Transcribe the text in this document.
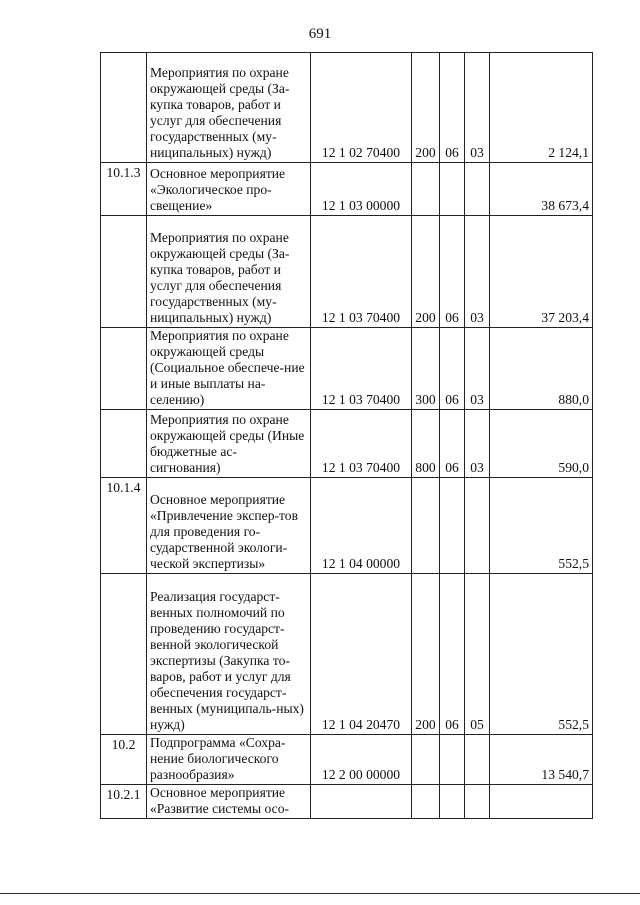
691
	Мероприятия по охране окружающей среды (За-купка товаров, работ и услуг для обеспечения государственных (му-ниципальных) нужд)	12 1 02 70400	200	06	03	2 124,1
10.1.3	Основное мероприятие «Экологическое про-свещение»	12 1 03 00000				38 673,4
	Мероприятия по охране окружающей среды (За-купка товаров, работ и услуг для обеспечения государственных (му-ниципальных) нужд)	12 1 03 70400	200	06	03	37 203,4
	Мероприятия по охране окружающей среды (Социальное обеспече-ние и иные выплаты на-селению)	12 1 03 70400	300	06	03	880,0
	Мероприятия по охране окружающей среды (Иные бюджетные ас-сигнования)	12 1 03 70400	800	06	03	590,0
10.1.4	Основное мероприятие «Привлечение экспер-тов для проведения го-сударственной экологи-ческой экспертизы»	12 1 04 00000				552,5
	Реализация государст-венных полномочий по проведению государст-венной экологической экспертизы (Закупка то-варов, работ и услуг для обеспечения государст-венных (муниципаль-ных) нужд)	12 1 04 20470	200	06	05	552,5
10.2	Подпрограмма «Сохра-нение биологического разнообразия»	12 2 00 00000				13 540,7
10.2.1	Основное мероприятие «Развитие системы осо-					
